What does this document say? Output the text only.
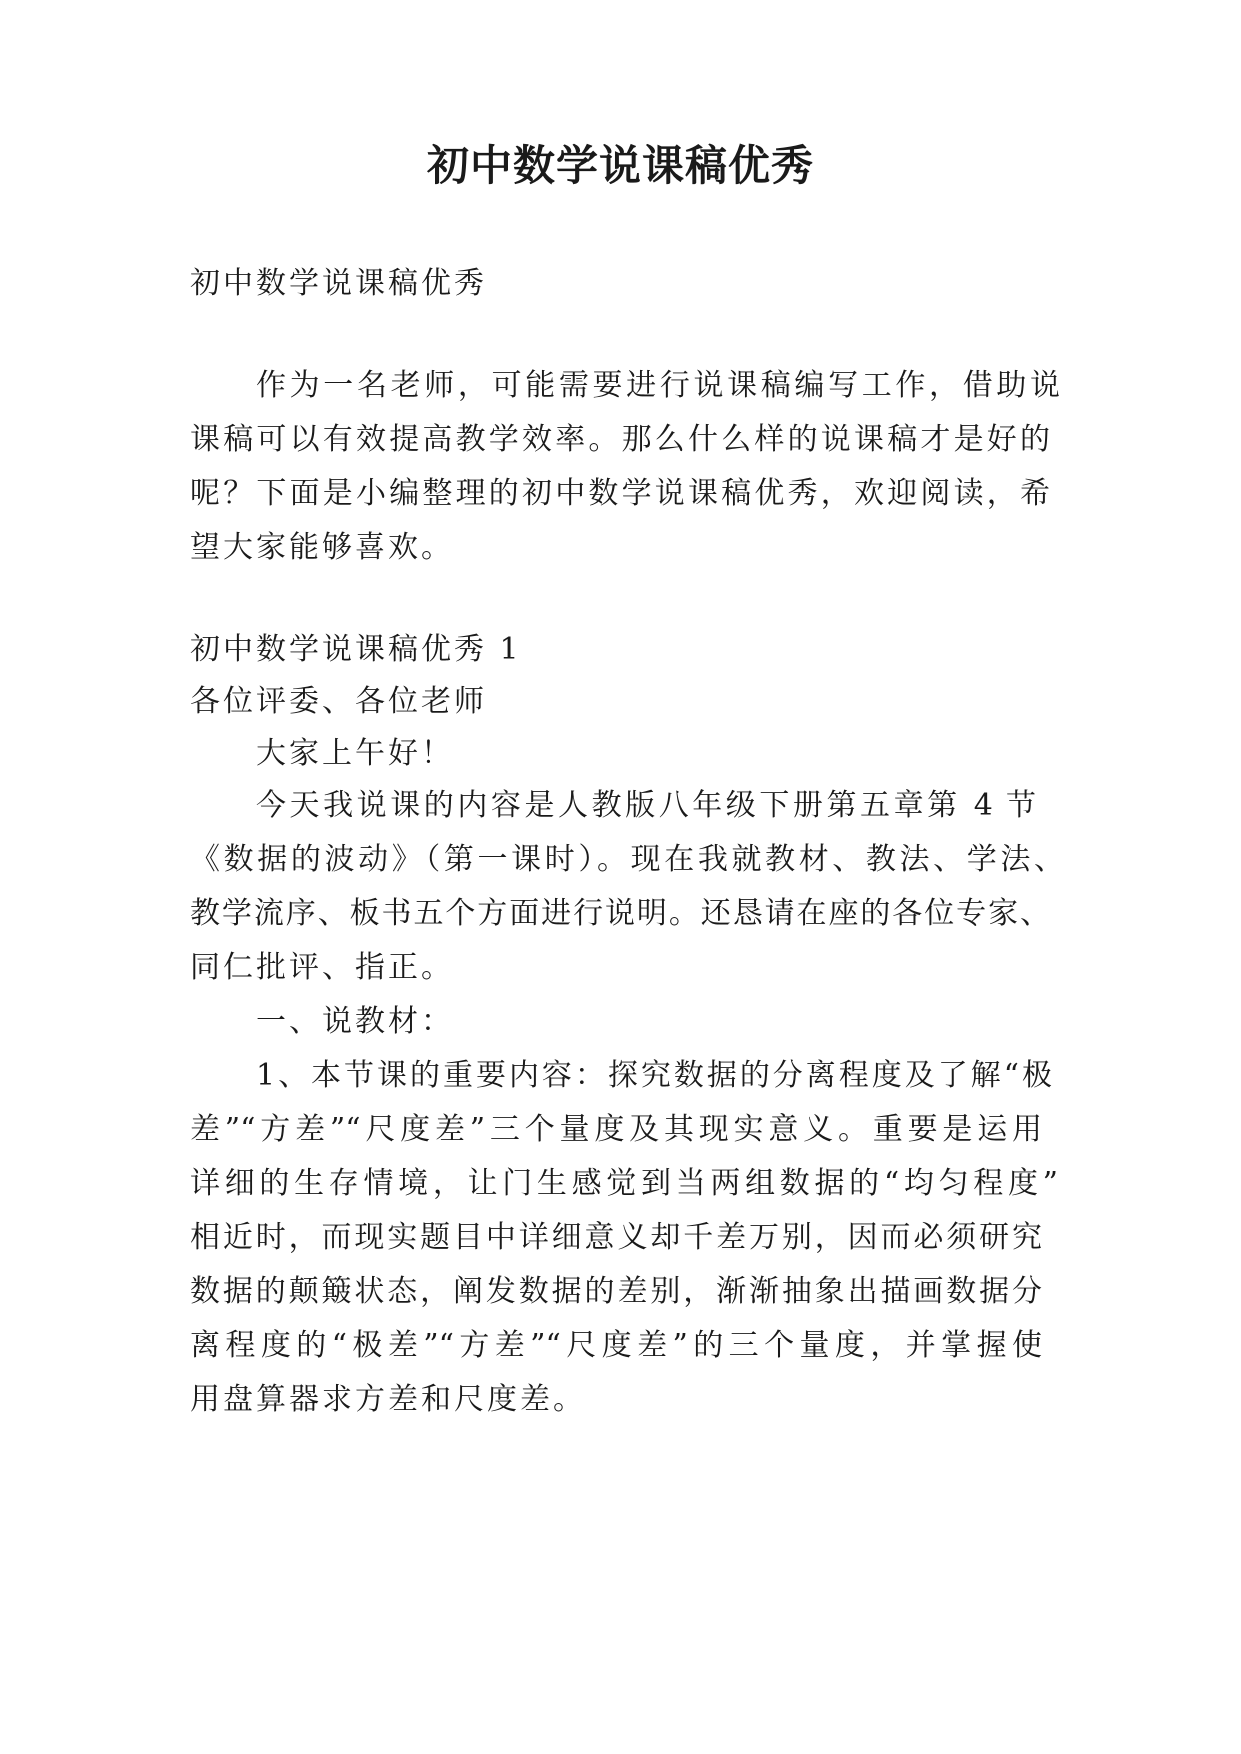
初中数学说课稿优秀
初中数学说课稿优秀
作为一名老师，可能需要进行说课稿编写工作，借助说
课稿可以有效提高教学效率。那么什么样的说课稿才是好的
呢？下面是小编整理的初中数学说课稿优秀，欢迎阅读，希
望大家能够喜欢。
初中数学说课稿优秀 1
各位评委、各位老师
大家上午好！
今天我说课的内容是人教版八年级下册第五章第 4 节
《数据的波动》（第一课时）。现在我就教材、教法、学法、
教学流序、板书五个方面进行说明。还恳请在座的各位专家、
同仁批评、指正。
一、说教材：
1、本节课的重要内容：探究数据的分离程度及了解“极
差”“方差”“尺度差”三个量度及其现实意义。重要是运用
详细的生存情境，让门生感觉到当两组数据的“均匀程度”
相近时，而现实题目中详细意义却千差万别，因而必须研究
数据的颠簸状态，阐发数据的差别，渐渐抽象出描画数据分
离程度的“极差”“方差”“尺度差”的三个量度，并掌握使
用盘算器求方差和尺度差。
